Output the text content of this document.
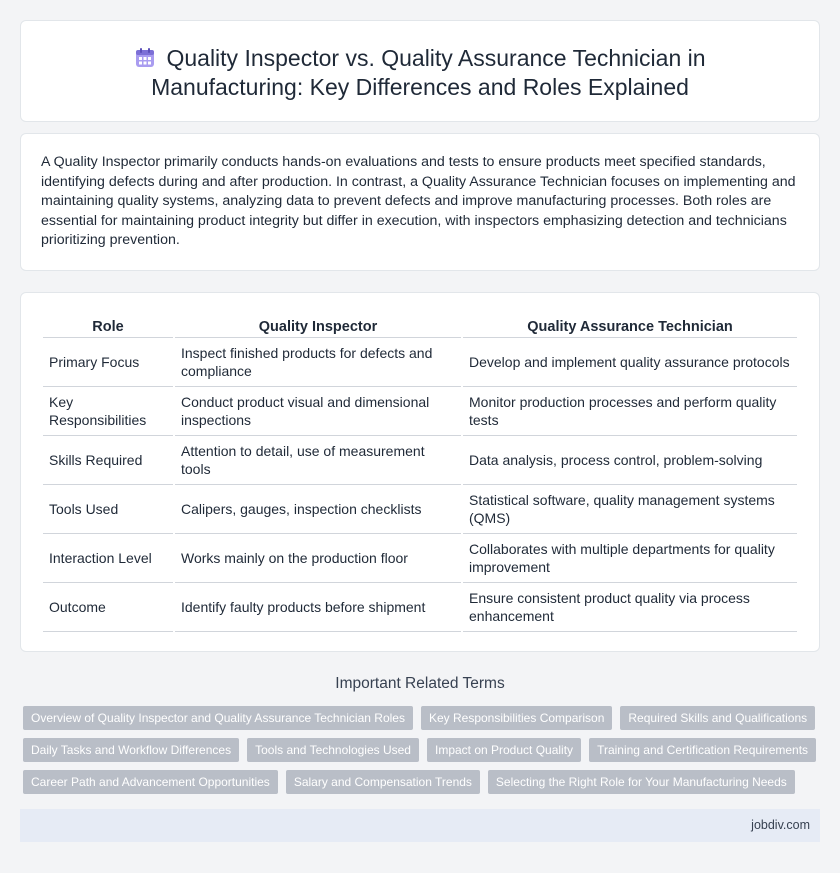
Quality Inspector vs. Quality Assurance Technician in
Manufacturing: Key Differences and Roles Explained

A Quality Inspector primarily conducts hands-on evaluations and tests to ensure products meet specified standards, identifying defects during and after production. In contrast, a Quality Assurance Technician focuses on implementing and maintaining quality systems, analyzing data to prevent defects and improve manufacturing processes. Both roles are essential for maintaining product integrity but differ in execution, with inspectors emphasizing detection and technicians prioritizing prevention.

Role	Quality Inspector	Quality Assurance Technician
Primary Focus	Inspect finished products for defects and compliance	Develop and implement quality assurance protocols
Key Responsibilities	Conduct product visual and dimensional inspections	Monitor production processes and perform quality tests
Skills Required	Attention to detail, use of measurement tools	Data analysis, process control, problem-solving
Tools Used	Calipers, gauges, inspection checklists	Statistical software, quality management systems (QMS)
Interaction Level	Works mainly on the production floor	Collaborates with multiple departments for quality improvement
Outcome	Identify faulty products before shipment	Ensure consistent product quality via process enhancement
Important Related Terms
Overview of Quality Inspector and Quality Assurance Technician Roles	Key Responsibilities Comparison	Required Skills and Qualifications
Daily Tasks and Workflow Differences	Tools and Technologies Used	Impact on Product Quality	Training and Certification Requirements
Career Path and Advancement Opportunities	Salary and Compensation Trends	Selecting the Right Role for Your Manufacturing Needs
jobdiv.com
